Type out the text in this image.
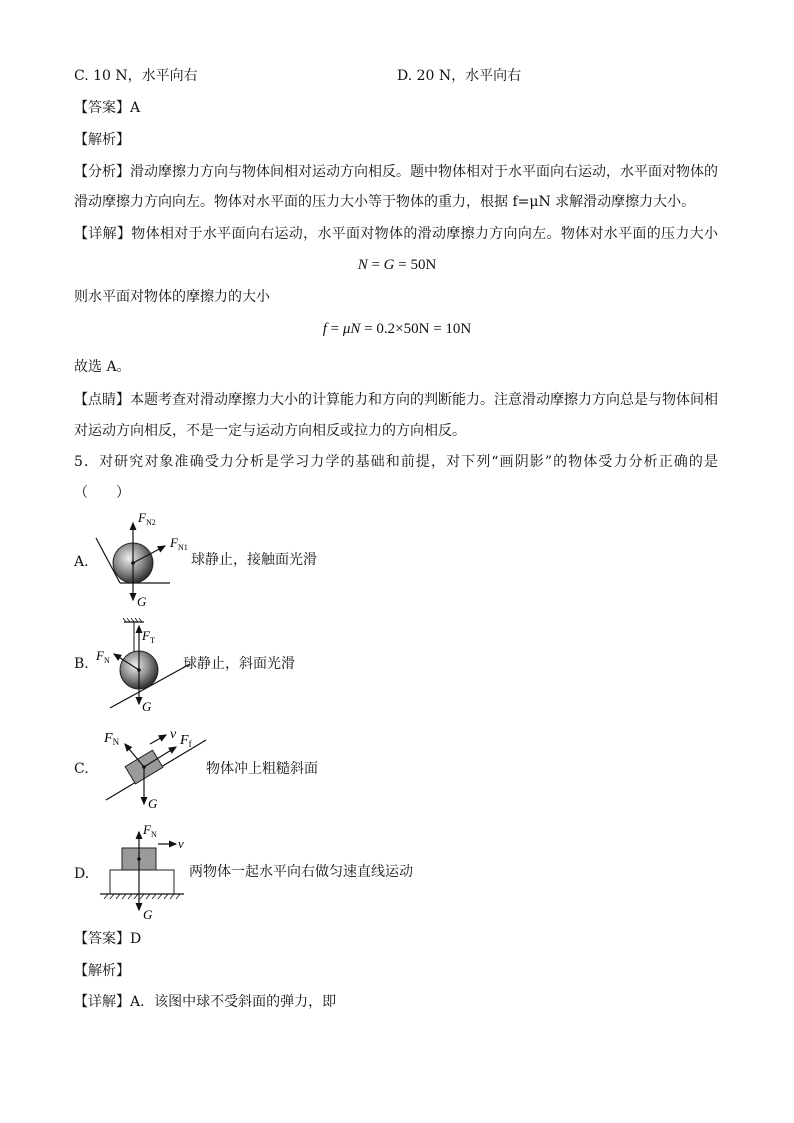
C. 10 N，水平向右	D. 20 N，水平向右
【答案】A
【解析】
【分析】滑动摩擦力方向与物体间相对运动方向相反。题中物体相对于水平面向右运动，水平面对物体的
滑动摩擦力方向向左。物体对水平面的压力大小等于物体的重力，根据 f=μN 求解滑动摩擦力大小。
【详解】物体相对于水平面向右运动，水平面对物体的滑动摩擦力方向向左。物体对水平面的压力大小
N = G = 50N
则水平面对物体的摩擦力的大小
f = μN = 0.2×50N = 10N
故选 A。
【点睛】本题考查对滑动摩擦力大小的计算能力和方向的判断能力。注意滑动摩擦力方向总是与物体间相
对运动方向相反，不是一定与运动方向相反或拉力的方向相反。
5．对研究对象准确受力分析是学习力学的基础和前提，对下列“画阴影”的物体受力分析正确的是
（　　）
A.
$F_{N2}$
$F_{N1}$
G
球静止，接触面光滑
B.
$F_T$
$F_N$
G
球静止，斜面光滑
C.
$F_N$	v $F_f$
G
物体冲上粗糙斜面
D.
$F_N$
v
G
两物体一起水平向右做匀速直线运动
【答案】D
【解析】
【详解】A．该图中球不受斜面的弹力，即
